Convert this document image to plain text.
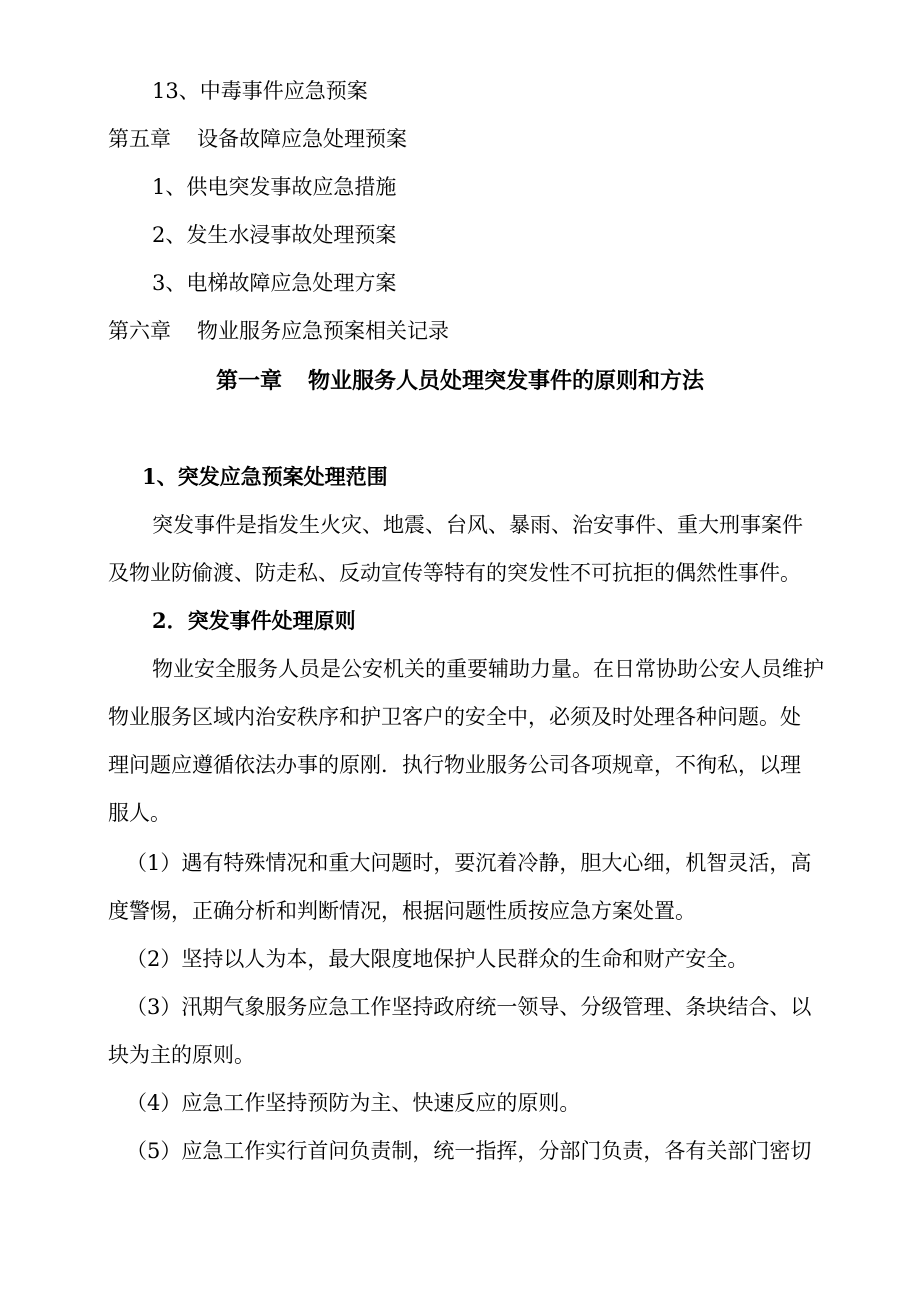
13、中毒事件应急预案
第五章 设备故障应急处理预案
1、供电突发事故应急措施
2、发生水浸事故处理预案
3、电梯故障应急处理方案
第六章 物业服务应急预案相关记录
第一章 物业服务人员处理突发事件的原则和方法
1、突发应急预案处理范围
突发事件是指发生火灾、地震、台风、暴雨、治安事件、重大刑事案件
及物业防偷渡、防走私、反动宣传等特有的突发性不可抗拒的偶然性事件。
2．突发事件处理原则
物业安全服务人员是公安机关的重要辅助力量。在日常协助公安人员维护
物业服务区域内治安秩序和护卫客户的安全中，必须及时处理各种问题。处
理问题应遵循依法办事的原刚．执行物业服务公司各项规章，不徇私，以理
服人。
（1）遇有特殊情况和重大问题时，要沉着冷静，胆大心细，机智灵活，高
度警惕，正确分析和判断情况，根据问题性质按应急方案处置。
（2）坚持以人为本，最大限度地保护人民群众的生命和财产安全。
（3）汛期气象服务应急工作坚持政府统一领导、分级管理、条块结合、以
块为主的原则。
（4）应急工作坚持预防为主、快速反应的原则。
（5）应急工作实行首问负责制，统一指挥，分部门负责，各有关部门密切
